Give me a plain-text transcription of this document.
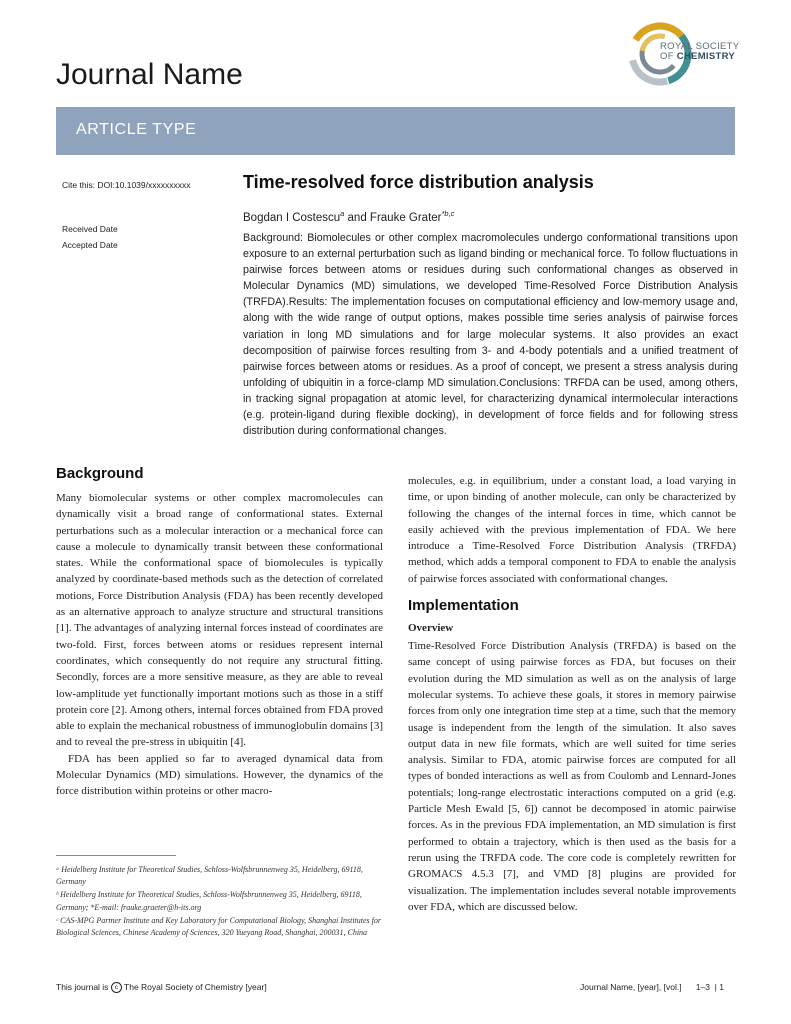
Journal Name
ROYAL SOCIETY
OF CHEMISTRY
ARTICLE TYPE
Cite this: DOI:10.1039/xxxxxxxxxx
Received Date
Accepted Date
Time-resolved force distribution analysis
Bogdan I Costescu$^a$ and Frauke Grater$^{*b,c}$
Background: Biomolecules or other complex macromolecules undergo conformational transitions upon exposure to an external perturbation such as ligand binding or mechanical force. To follow fluctuations in pairwise forces between atoms or residues during such conformational changes as observed in Molecular Dynamics (MD) simulations, we developed Time-Resolved Force Distribution Analysis (TRFDA).Results: The implementation focuses on computational efficiency and low-memory usage and, along with the wide range of output options, makes possible time series analysis of pairwise forces variation in long MD simulations and for large molecular systems. It also provides an exact decomposition of pairwise forces resulting from 3- and 4-body potentials and a unified treatment of pairwise forces between atoms or residues. As a proof of concept, we present a stress analysis during unfolding of ubiquitin in a force-clamp MD simulation.Conclusions: TRFDA can be used, among others, in tracking signal propagation at atomic level, for characterizing dynamical intermolecular interactions (e.g. protein-ligand during flexible docking), in development of force fields and for following stress distribution during conformational changes.
Background

Many biomolecular systems or other complex macromolecules can dynamically visit a broad range of conformational states. External perturbations such as a molecular interaction or a mechanical force can cause a molecule to dynamically transit between these conformational states. While the conformational space of biomolecules is typically analyzed by coordinate-based methods such as the detection of correlated motions, Force Distribution Analysis (FDA) has been recently developed as an alternative approach to analyze structure and structural transitions [1]. The advantages of analyzing internal forces instead of coordinates are two-fold. First, forces between atoms or residues represent internal coordinates, which consequently do not require any structural fitting. Secondly, forces are a more sensitive measure, as they are able to reveal low-amplitude yet functionally important motions such as those in a stiff protein core [2]. Among others, internal forces obtained from FDA proved able to explain the mechanical robustness of immunoglobulin domains [3] and to reveal the pre-stress in ubiquitin [4].

FDA has been applied so far to averaged dynamical data from Molecular Dynamics (MD) simulations. However, the dynamics of the force distribution within proteins or other macro-

molecules, e.g. in equilibrium, under a constant load, a load varying in time, or upon binding of another molecule, can only be characterized by following the changes of the internal forces in time, which cannot be easily achieved with the previous implementation of FDA. We here introduce a Time-Resolved Force Distribution Analysis (TRFDA) method, which adds a temporal component to FDA to enable the analysis of pairwise forces associated with conformational changes.

Implementation
Overview

Time-Resolved Force Distribution Analysis (TRFDA) is based on the same concept of using pairwise forces as FDA, but focuses on their evolution during the MD simulation as well as on the analysis of large molecular systems. To achieve these goals, it stores in memory pairwise forces from only one integration time step at a time, such that the memory usage is independent from the length of the simulation. It also saves output data in new file formats, which are well suited for time series analysis. Similar to FDA, atomic pairwise forces are computed for all types of bonded interactions as well as from Coulomb and Lennard-Jones potentials; long-range electrostatic interactions computed on a grid (e.g. Particle Mesh Ewald [5, 6]) cannot be decomposed in atomic pairwise forces. As in the previous FDA implementation, an MD simulation is first performed to obtain a trajectory, which is then used as the basis for a rerun using the TRFDA code. The core code is completely rewritten for GROMACS 4.5.3 [7], and VMD [8] plugins are provided for visualization. The implementation includes several notable improvements over FDA, which are discussed below.

ᵃ Heidelberg Institute for Theoretical Studies, Schloss-Wolfsbrunnenweg 35, Heidelberg, 69118, Germany

ᵇ Heidelberg Institute for Theoretical Studies, Schloss-Wolfsbrunnenweg 35, Heidelberg, 69118, Germany; *E-mail: frauke.graeter@h-its.org

ᶜ CAS-MPG Partner Institute and Key Laboratory for Computational Biology, Shanghai Institutes for Biological Sciences, Chinese Academy of Sciences, 320 Yueyang Road, Shanghai, 200031, China

This journal is c The Royal Society of Chemistry [year]	Journal Name, [year], [vol.]      1–3  | 1
